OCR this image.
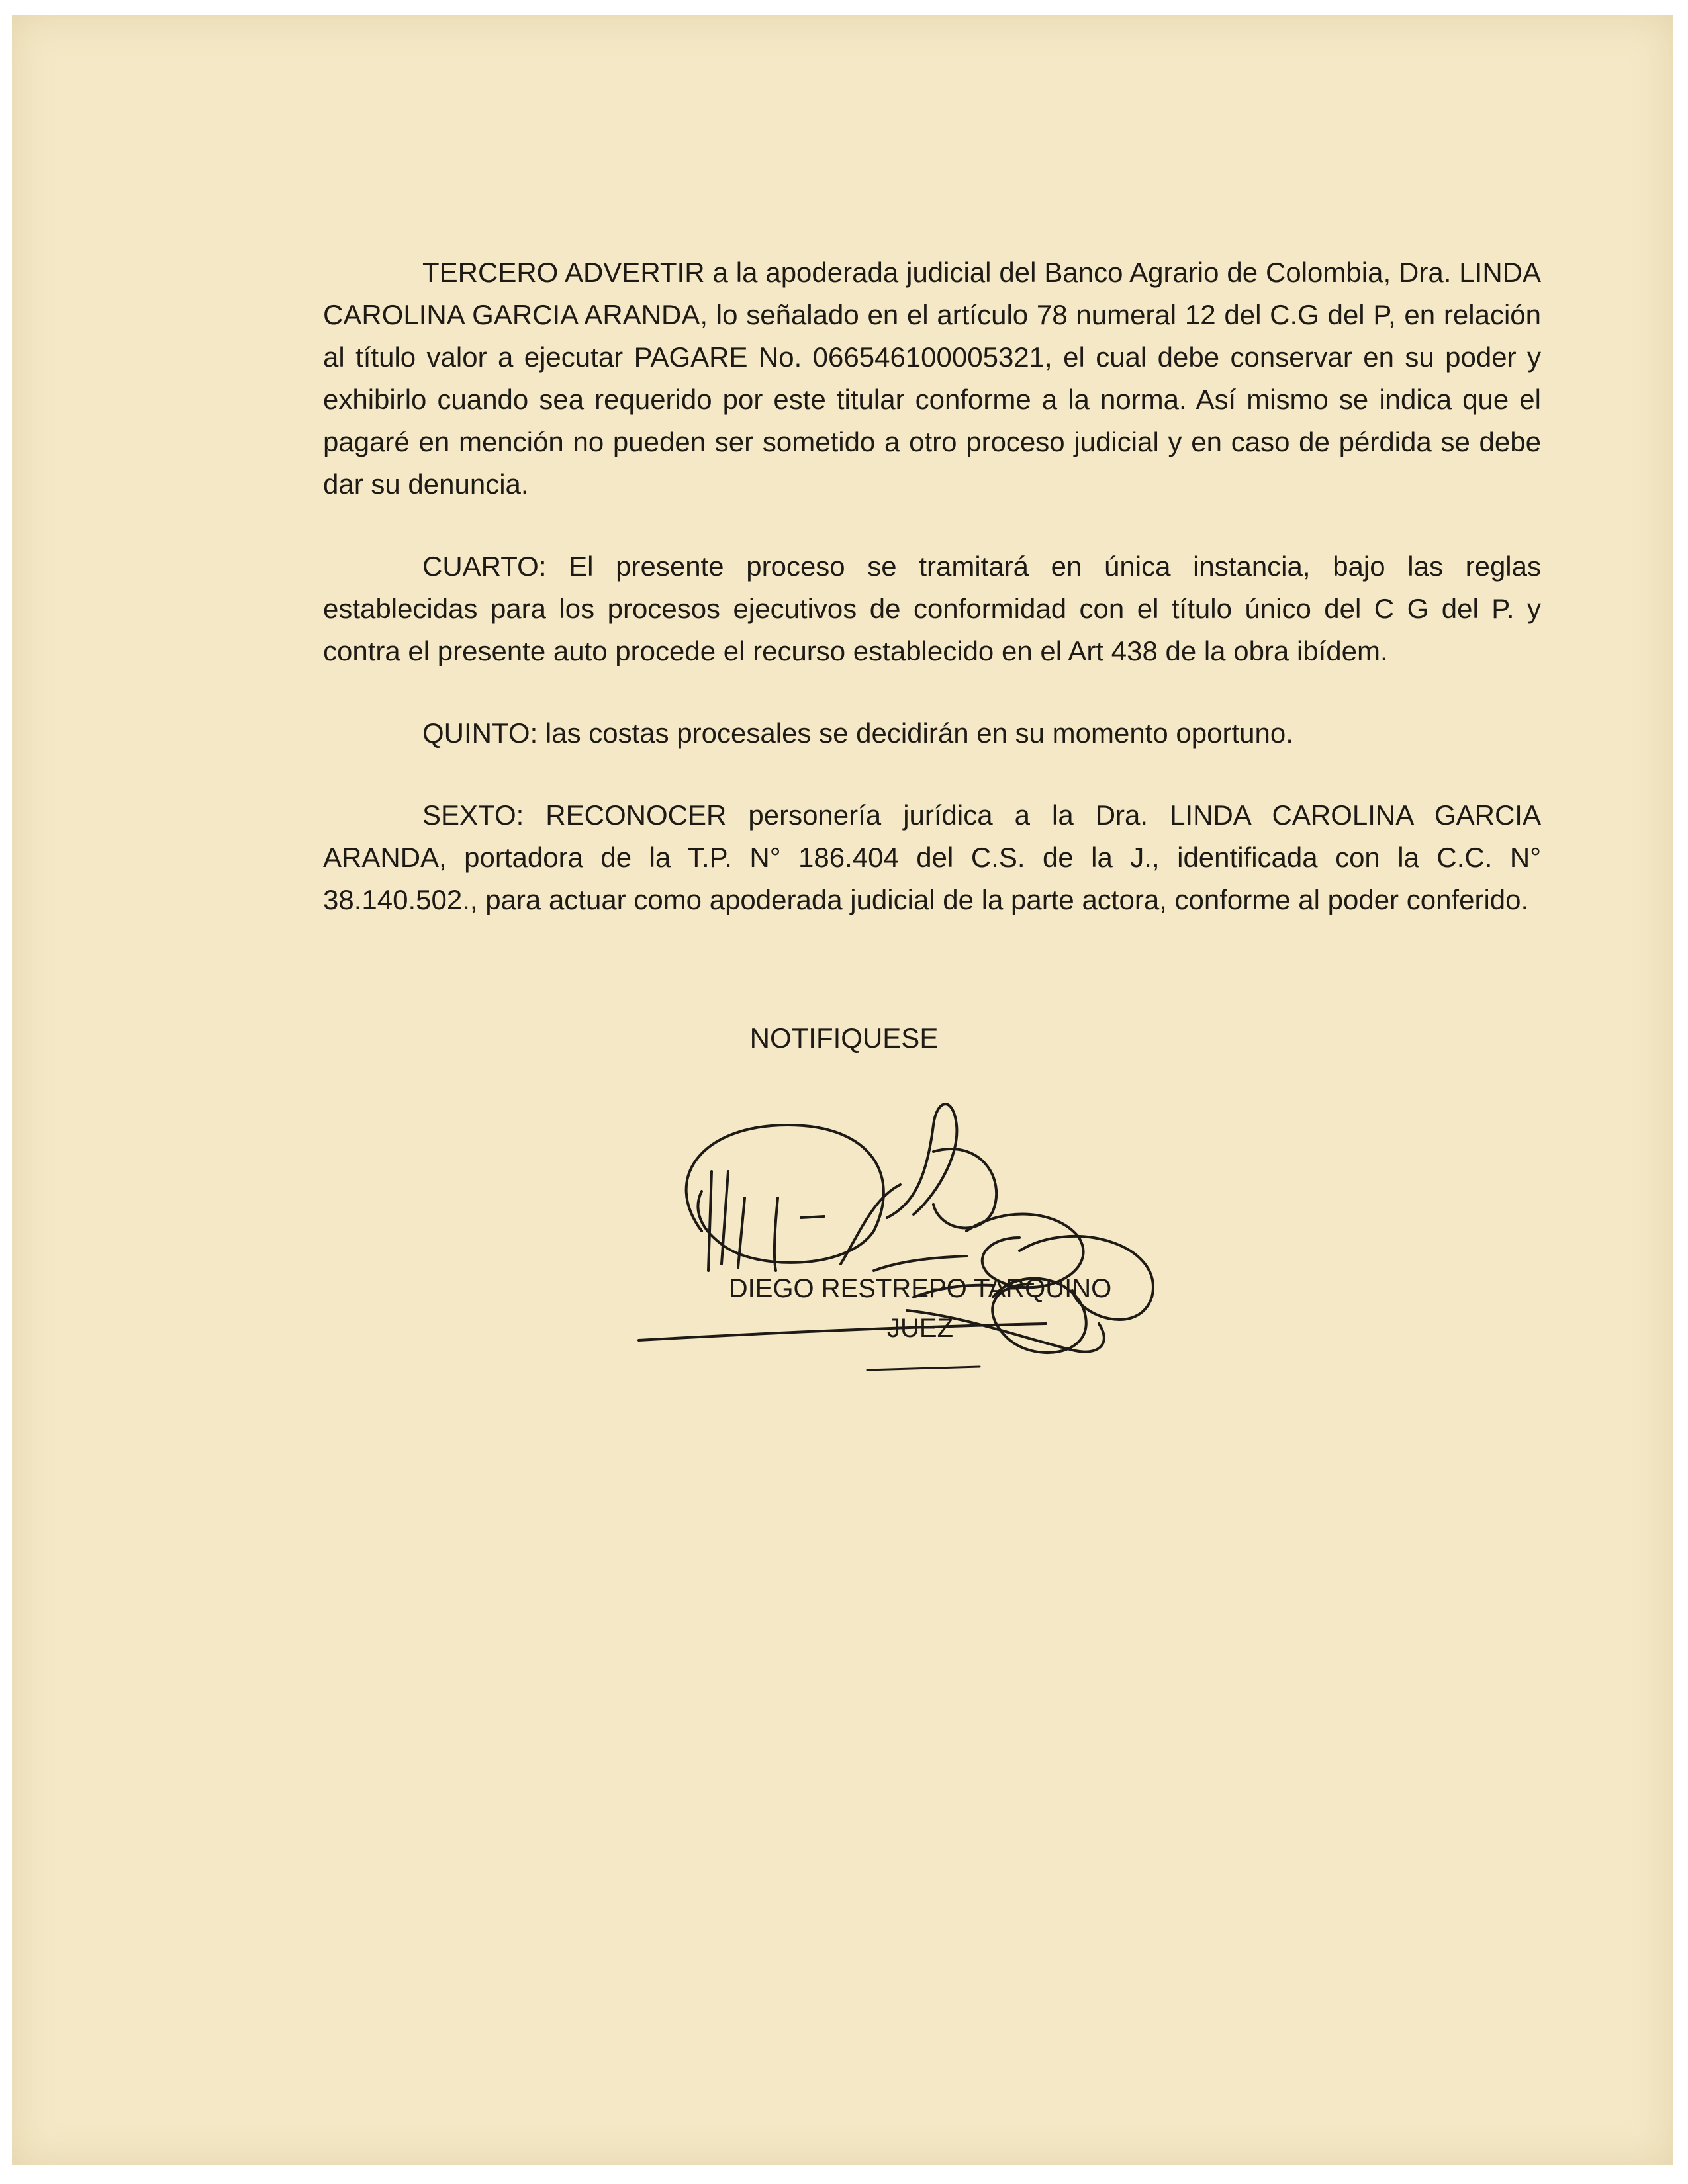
TERCERO ADVERTIR a la apoderada judicial del Banco Agrario de Colombia, Dra. LINDA CAROLINA GARCIA ARANDA, lo señalado en el artículo 78 numeral 12 del C.G del P, en relación al título valor a ejecutar PAGARE No. 066546100005321, el cual debe conservar en su poder y exhibirlo cuando sea requerido por este titular conforme a la norma. Así mismo se indica que el pagaré en mención no pueden ser sometido a otro proceso judicial y en caso de pérdida se debe dar su denuncia.

CUARTO: El presente proceso se tramitará en única instancia, bajo las reglas establecidas para los procesos ejecutivos de conformidad con el título único del C G del P. y contra el presente auto procede el recurso establecido en el Art 438 de la obra ibídem.

QUINTO: las costas procesales se decidirán en su momento oportuno.

SEXTO: RECONOCER personería jurídica a la Dra. LINDA CAROLINA GARCIA ARANDA, portadora de la T.P. N° 186.404 del C.S. de la J., identificada con la C.C. N° 38.140.502., para actuar como apoderada judicial de la parte actora, conforme al poder conferido.

NOTIFIQUESE
DIEGO RESTREPO TARQUINO
JUEZ
